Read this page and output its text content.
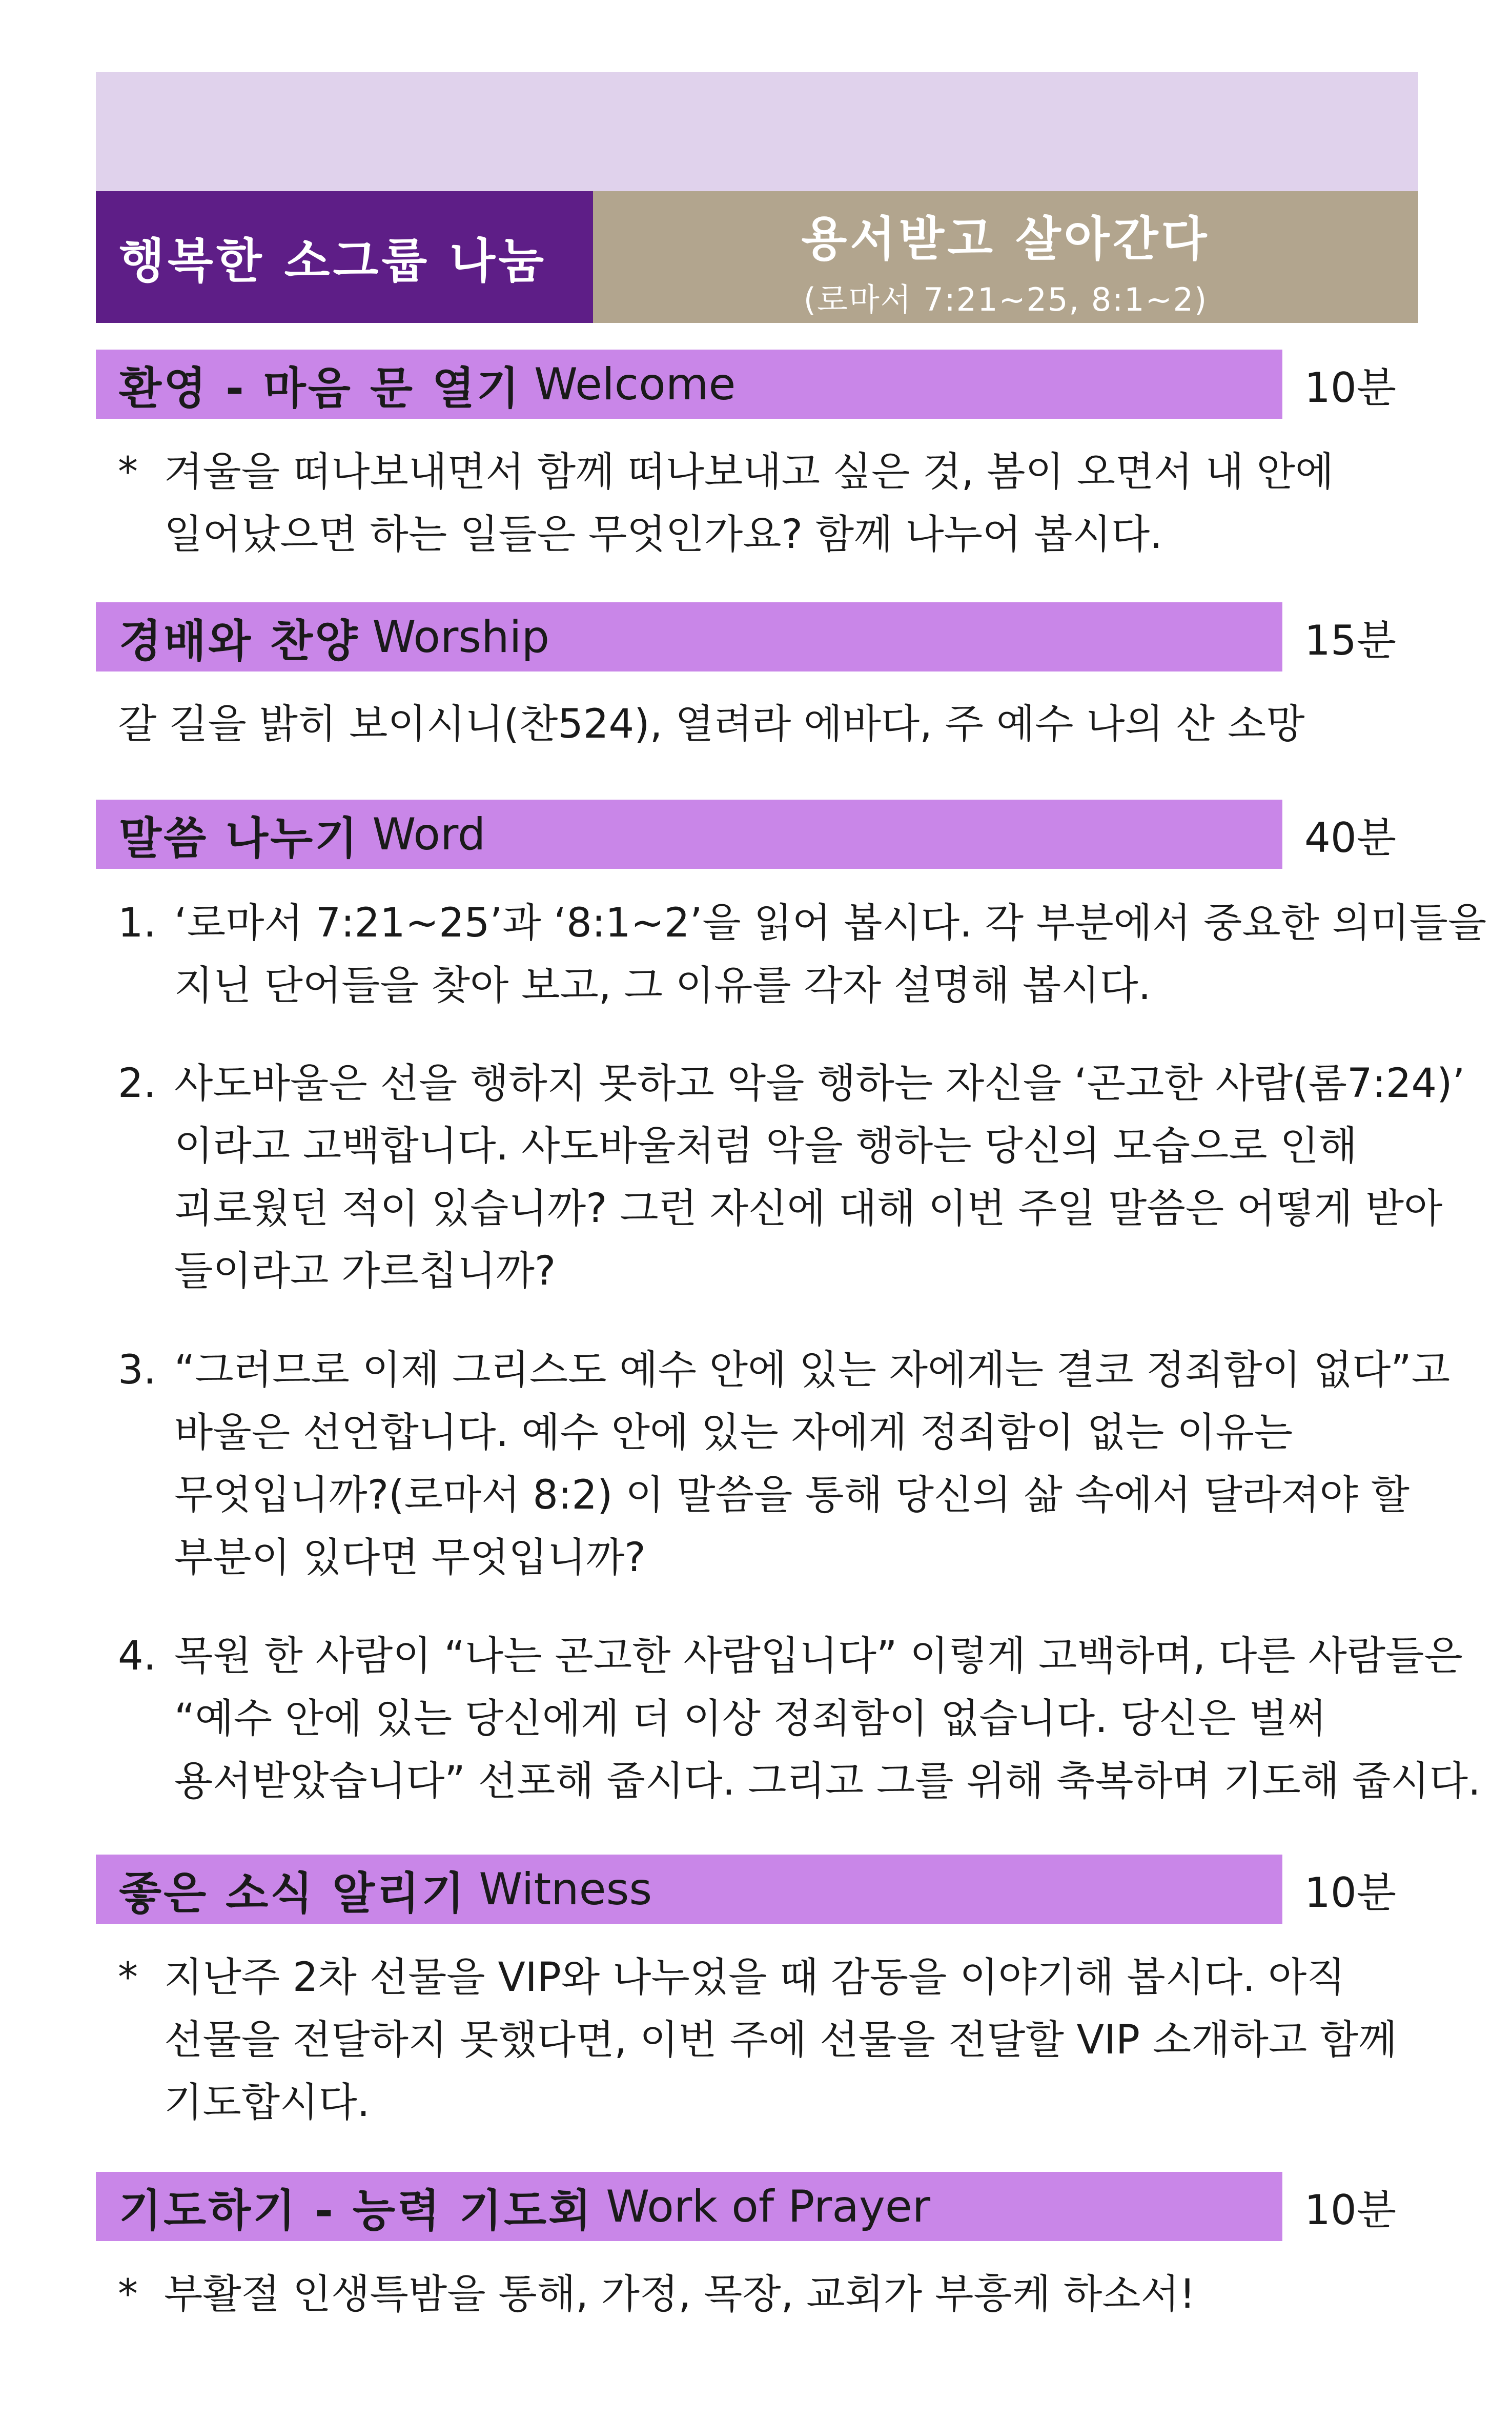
행복한 소그룹 나눔	용서받고 살아간다
(로마서 7:21~25, 8:1~2)
환영 - 마음 문 열기 Welcome	10분
* 겨울을 떠나보내면서 함께 떠나보내고 싶은 것, 봄이 오면서 내 안에
일어났으면 하는 일들은 무엇인가요? 함께 나누어 봅시다.
경배와 찬양 Worship	15분
갈 길을 밝히 보이시니(찬524), 열려라 에바다, 주 예수 나의 산 소망
말씀 나누기 Word	40분
1. ‘로마서 7:21~25’과 ‘8:1~2’을 읽어 봅시다. 각 부분에서 중요한 의미들을
지닌 단어들을 찾아 보고, 그 이유를 각자 설명해 봅시다.
2. 사도바울은 선을 행하지 못하고 악을 행하는 자신을 ‘곤고한 사람(롬7:24)’
이라고 고백합니다. 사도바울처럼 악을 행하는 당신의 모습으로 인해
괴로웠던 적이 있습니까? 그런 자신에 대해 이번 주일 말씀은 어떻게 받아
들이라고 가르칩니까?
3. “그러므로 이제 그리스도 예수 안에 있는 자에게는 결코 정죄함이 없다”고
바울은 선언합니다. 예수 안에 있는 자에게 정죄함이 없는 이유는
무엇입니까?(로마서 8:2) 이 말씀을 통해 당신의 삶 속에서 달라져야 할
부분이 있다면 무엇입니까?
4. 목원 한 사람이 “나는 곤고한 사람입니다” 이렇게 고백하며, 다른 사람들은
“예수 안에 있는 당신에게 더 이상 정죄함이 없습니다. 당신은 벌써
용서받았습니다” 선포해 줍시다. 그리고 그를 위해 축복하며 기도해 줍시다.
좋은 소식 알리기 Witness	10분
* 지난주 2차 선물을 VIP와 나누었을 때 감동을 이야기해 봅시다. 아직
선물을 전달하지 못했다면, 이번 주에 선물을 전달할 VIP 소개하고 함께
기도합시다.
기도하기 - 능력 기도회 Work of Prayer	10분
* 부활절 인생특밤을 통해, 가정, 목장, 교회가 부흥케 하소서!
